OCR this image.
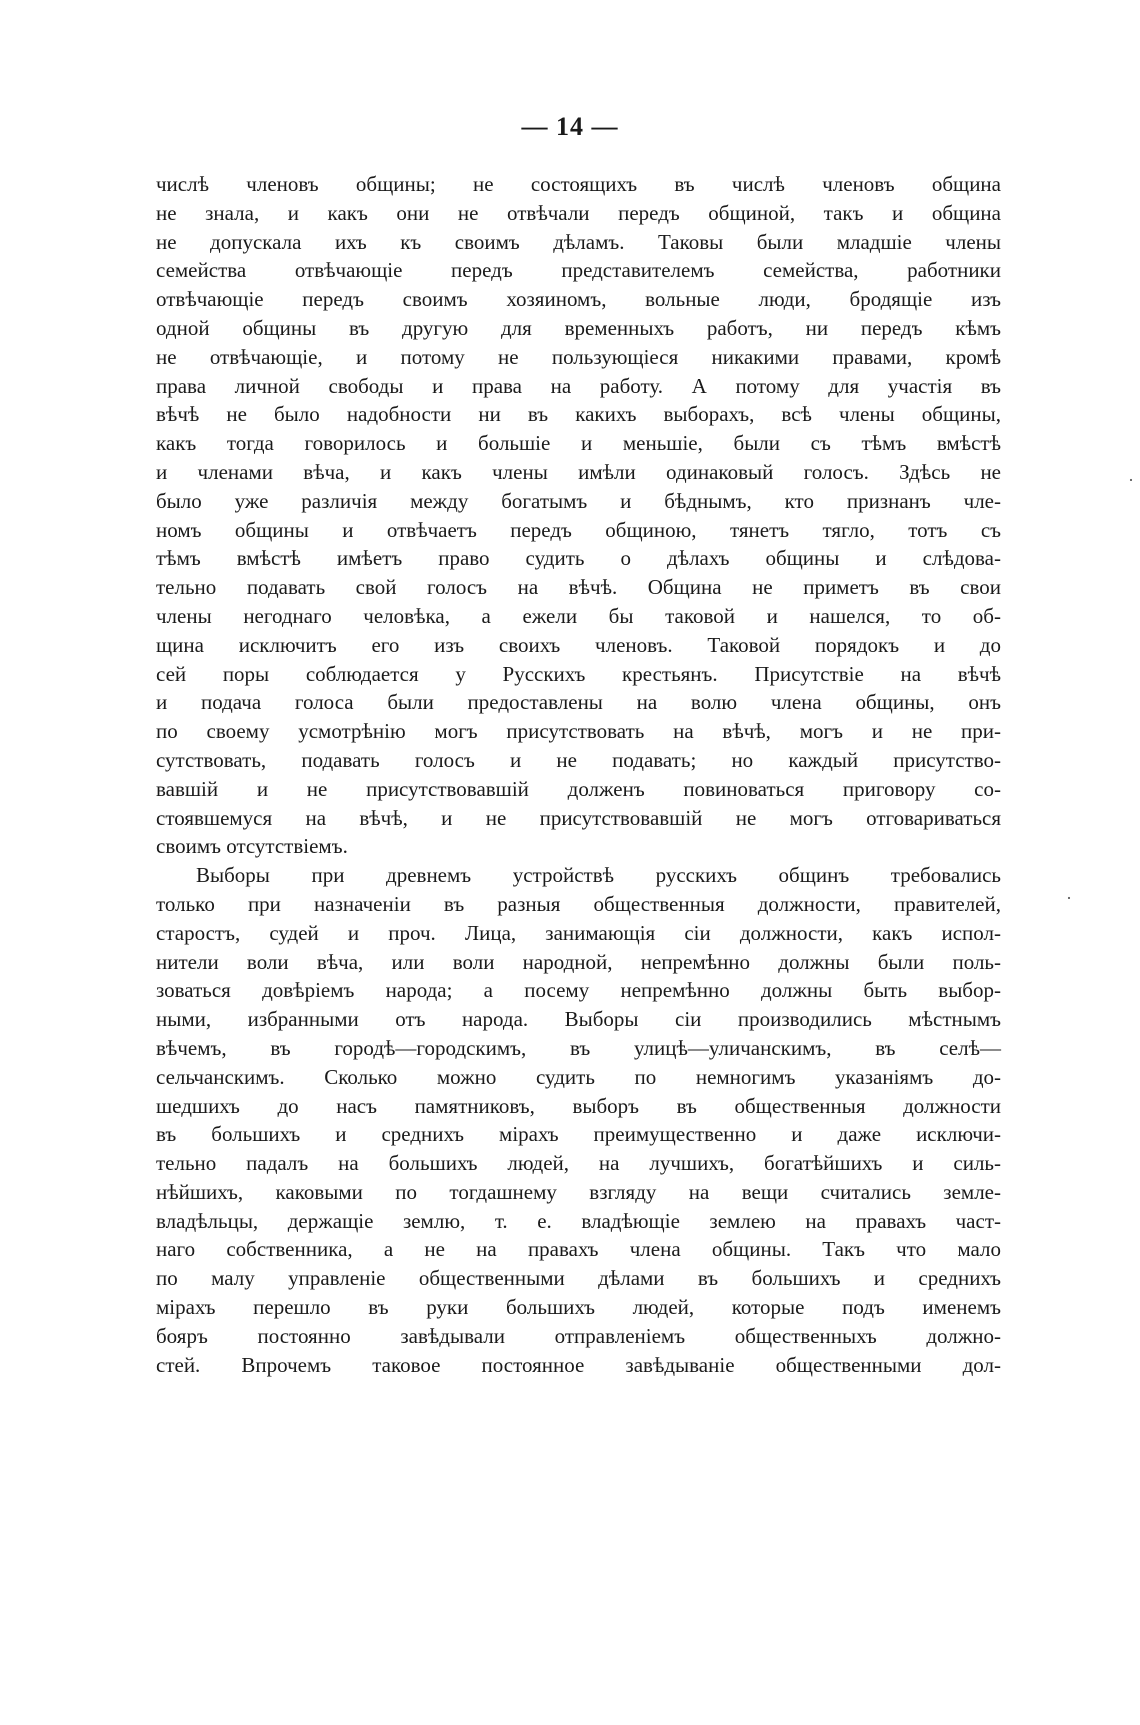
— 14 —
числѣ членовъ общины; не состоящихъ въ числѣ членовъ община
не знала, и какъ они не отвѣчали передъ общиной, такъ и община
не допускала ихъ къ своимъ дѣламъ. Таковы были младшіе члены
семейства отвѣчающіе передъ представителемъ семейства, работники
отвѣчающіе передъ своимъ хозяиномъ, вольные люди, бродящіе изъ
одной общины въ другую для временныхъ работъ, ни передъ кѣмъ
не отвѣчающіе, и потому не пользующіеся никакими правами, кромѣ
права личной свободы и права на работу. А потому для участія въ
вѣчѣ не было надобности ни въ какихъ выборахъ, всѣ члены общины,
какъ тогда говорилось и большіе и меньшіе, были съ тѣмъ вмѣстѣ
и членами вѣча, и какъ члены имѣли одинаковый голосъ. Здѣсь не
было уже различія между богатымъ и бѣднымъ, кто признанъ чле-
номъ общины и отвѣчаетъ передъ общиною, тянетъ тягло, тотъ съ
тѣмъ вмѣстѣ имѣетъ право судить о дѣлахъ общины и слѣдова-
тельно подавать свой голосъ на вѣчѣ. Община не приметъ въ свои
члены негоднаго человѣка, а ежели бы таковой и нашелся, то об-
щина исключитъ его изъ своихъ членовъ. Таковой порядокъ и до
сей поры соблюдается у Русскихъ крестьянъ. Присутствіе на вѣчѣ
и подача голоса были предоставлены на волю члена общины, онъ
по своему усмотрѣнію могъ присутствовать на вѣчѣ, могъ и не при-
сутствовать, подавать голосъ и не подавать; но каждый присутство-
вавшій и не присутствовавшій долженъ повиноваться приговору со-
стоявшемуся на вѣчѣ, и не присутствовавшій не могъ отговариваться
своимъ отсутствіемъ.
Выборы при древнемъ устройствѣ русскихъ общинъ требовались
только при назначеніи въ разныя общественныя должности, правителей,
старостъ, судей и проч. Лица, занимающія сіи должности, какъ испол-
нители воли вѣча, или воли народной, непремѣнно должны были поль-
зоваться довѣріемъ народа; а посему непремѣнно должны быть выбор-
ными, избранными отъ народа. Выборы сіи производились мѣстнымъ
вѣчемъ, въ городѣ—городскимъ, въ улицѣ—уличанскимъ, въ селѣ—
сельчанскимъ. Сколько можно судить по немногимъ указаніямъ до-
шедшихъ до насъ памятниковъ, выборъ въ общественныя должности
въ большихъ и среднихъ мірахъ преимущественно и даже исключи-
тельно падалъ на большихъ людей, на лучшихъ, богатѣйшихъ и силь-
нѣйшихъ, каковыми по тогдашнему взгляду на вещи считались земле-
владѣльцы, держащіе землю, т. е. владѣющіе землею на правахъ част-
наго собственника, а не на правахъ члена общины. Такъ что мало
по малу управленіе общественными дѣлами въ большихъ и среднихъ
мірахъ перешло въ руки большихъ людей, которые подъ именемъ
бояръ постоянно завѣдывали отправленіемъ общественныхъ должно-
стей. Впрочемъ таковое постоянное завѣдываніе общественными дол-
·
·
